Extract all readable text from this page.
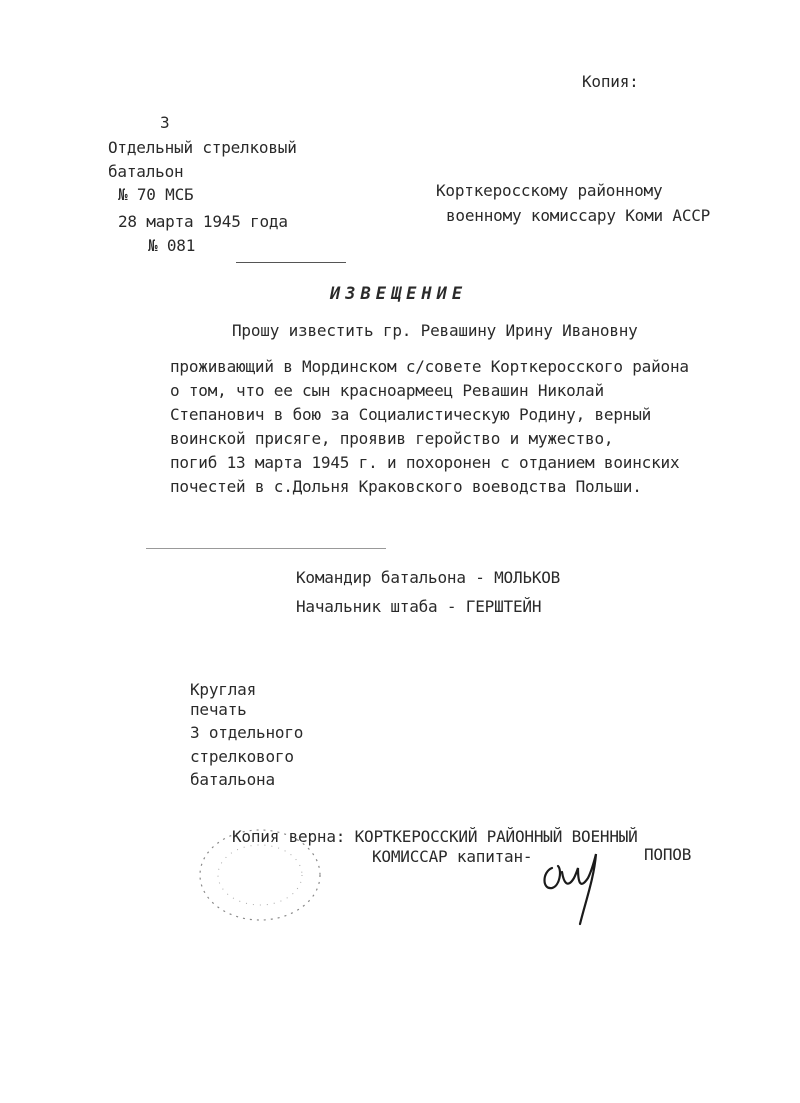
Копия:
3
Отдельный стрелковый
батальон
№ 70 МСБ
28 марта 1945 года
№ 081
Корткеросскому районному
военному комиссару Коми АССР
ИЗВЕЩЕНИЕ
Прошу известить гр. Ревашину Ирину Ивановну
проживающий в Мординском с/совете Корткеросского района
о том, что ее сын красноармеец Ревашин Николай
Степанович в бою за Социалистическую Родину, верный
воинской присяге, проявив геройство и мужество,
погиб 13 марта 1945 г. и похоронен с отданием воинских
почестей в с.Дольня Краковского воеводства Польши.
Командир батальона - МОЛЬКОВ
Начальник штаба - ГЕРШТЕЙН
Круглая
печать
3 отдельного
стрелкового
батальона
Копия верна: КОРТКЕРОССКИЙ РАЙОННЫЙ ВОЕННЫЙ
КОМИССАР капитан-	ПОПОВ
